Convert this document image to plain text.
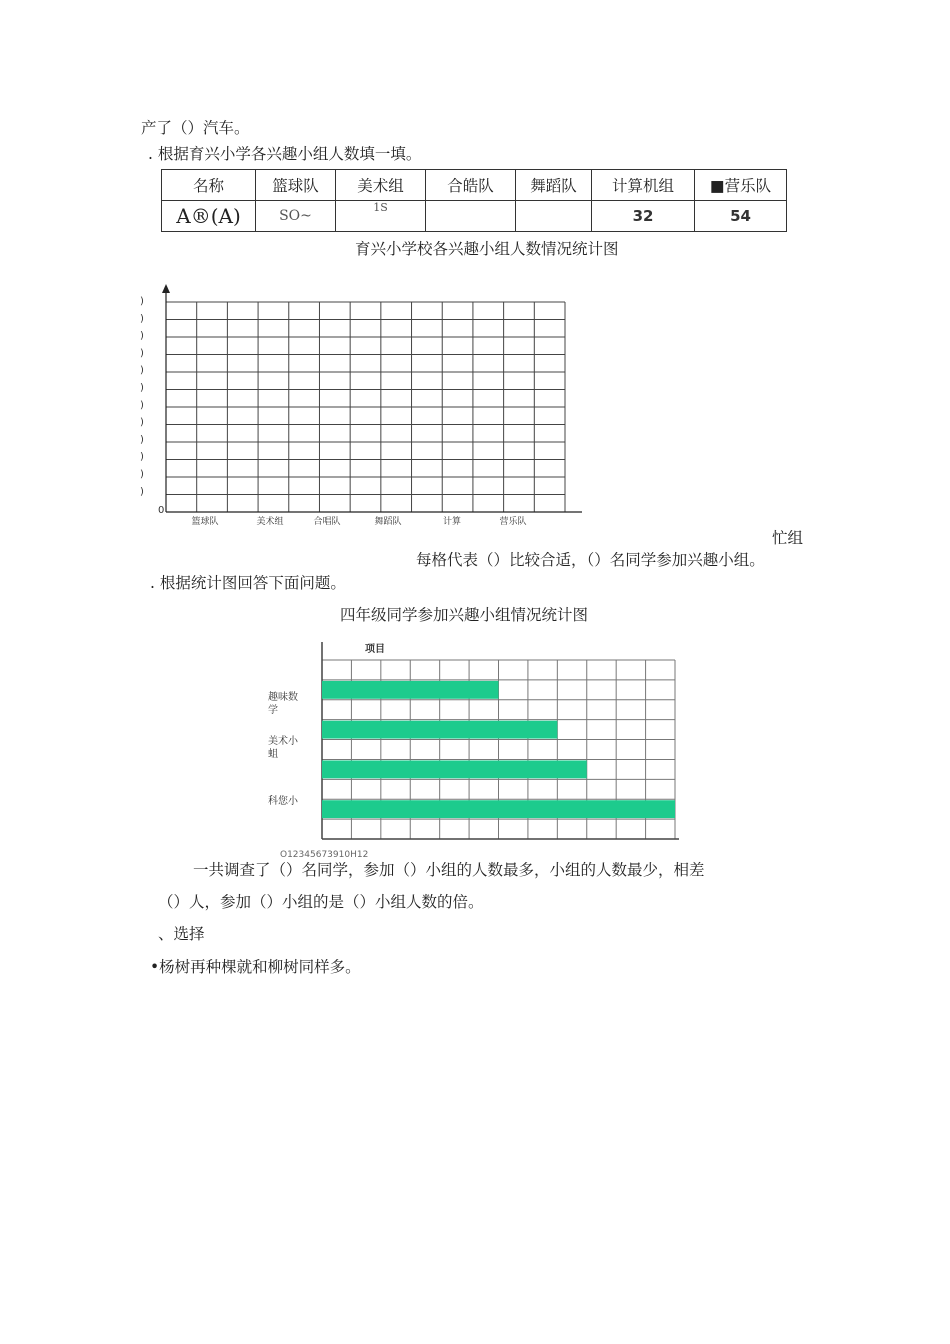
产了（）汽车。
. 根据育兴小学各兴趣小组人数填一填。
名称	篮球队	美术组	合皓队	舞蹈队	计算机组	■营乐队
A®(A)	SO~	1S			32	54
育兴小学校各兴趣小组人数情况统计图
)
)
)
)
)
)
)
)
)
)
)
)
0
篮球队	美术组	合唱队	舞蹈队	计算	营乐队
忙组
每格代表（）比较合适，（）名同学参加兴趣小组。
. 根据统计图回答下面问题。
四年级同学参加兴趣小组情况统计图
项目
趣味数
学
美术小
蛆
科您小
O12345673910H12
一共调查了（）名同学，参加（）小组的人数最多，小组的人数最少，相差
（）人，参加（）小组的是（）小组人数的倍。
、选择
•杨树再种棵就和柳树同样多。
